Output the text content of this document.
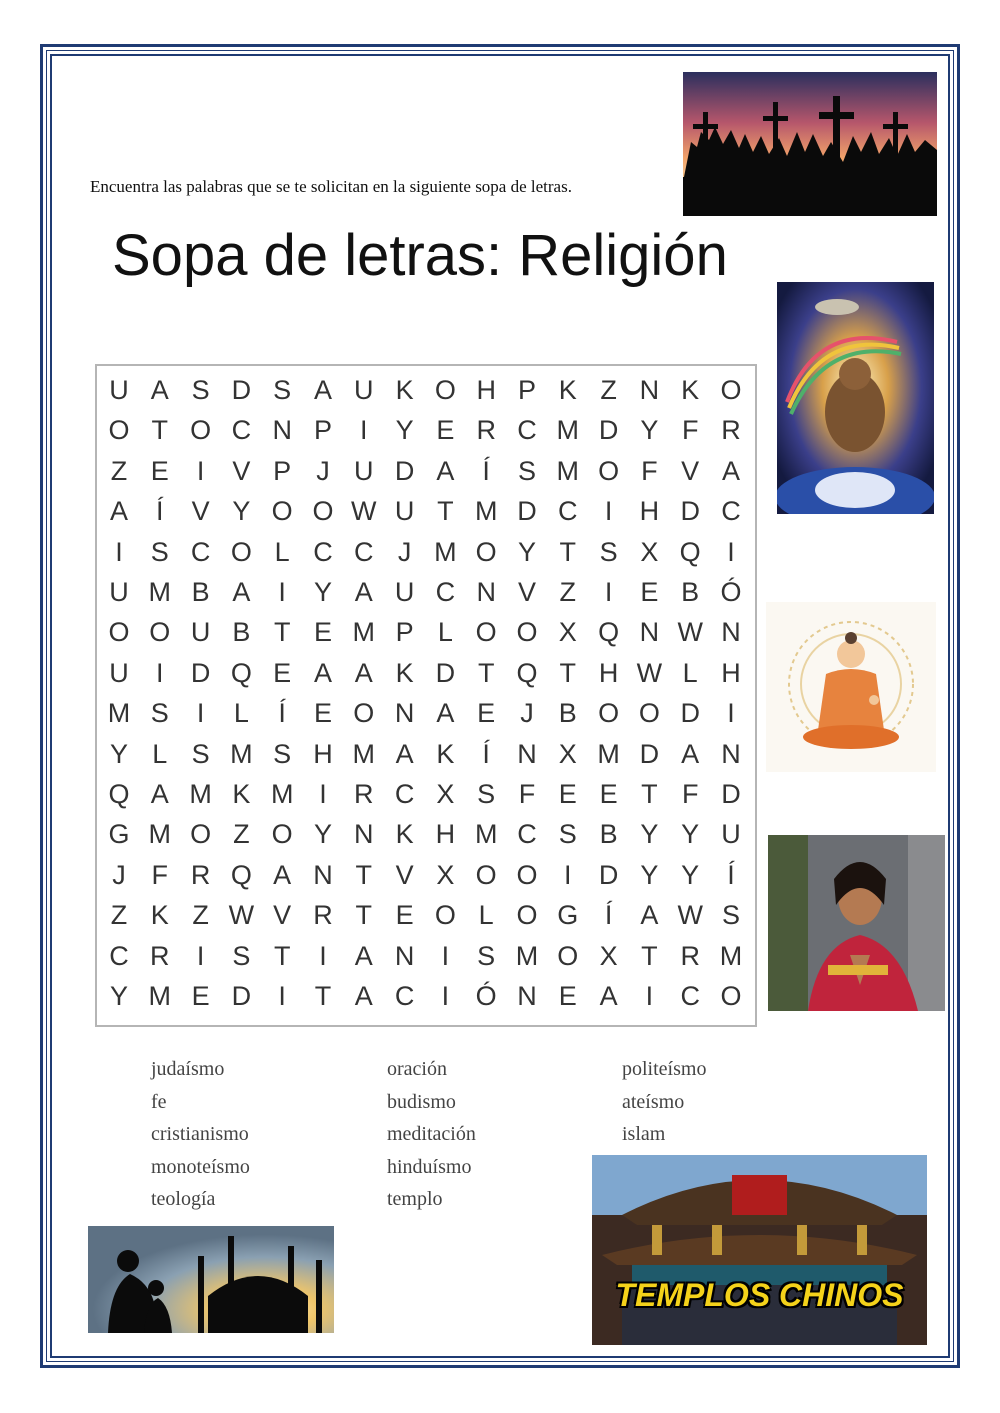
Encuentra las palabras que se te solicitan en la siguiente sopa de letras.
Sopa de letras: Religión
U A S D S A U K O H P K Z N K O
O T O C N P	I	Y E R C M D Y F R
Z E	I	V P J U D A	Í	S M O F V A
A	Í	V Y O O W U T M D C	I	H D C
I	S C O L C C J M O Y T S X Q I
U M B A	I	Y A U C N V Z	I	E B Ó
O O U B T E M P L O O X Q N W N
U	I	D Q E A A K D T Q T H W L H
M S	I	L	Í	E O N A E J B O O D	I
Y L S M S H M A K	Í	N X M D A N
Q A M K M I	R C X S F E E T F D
G M O Z O Y N K H M C S B Y Y U
J F R Q A N T V X O O I	D Y Y	Í
Z K Z W V R T E O L O G Í	A W S
C R	I	S T	I	A N	I	S M O X T R M
Y M E D	I	T A C	I Ó N E A	I	C O
judaísmo
fe
cristianismo
monoteísmo
teología
oración
budismo
meditación
hinduísmo
templo
politeísmo
ateísmo
islam
TEMPLOS CHINOS
